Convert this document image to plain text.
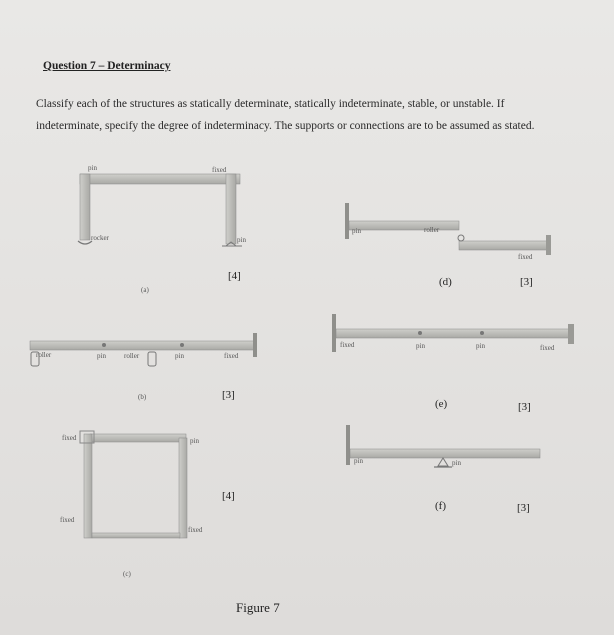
Question 7 – Determinacy
Classify each of the structures as statically determinate, statically indeterminate, stable, or unstable. If indeterminate, specify the degree of indeterminacy. The supports or connections are to be assumed as stated.
pin	fixed
rocker	pin
(a)
[4]
roller	pin	roller	pin	fixed
(b)	[3]
fixed	pin
fixed
fixed
(c)
[4]
pin	roller
fixed
(d)	[3]
fixed	pin	pin	fixed
(e)	[3]
pin	pin
(f)	[3]
Figure 7
